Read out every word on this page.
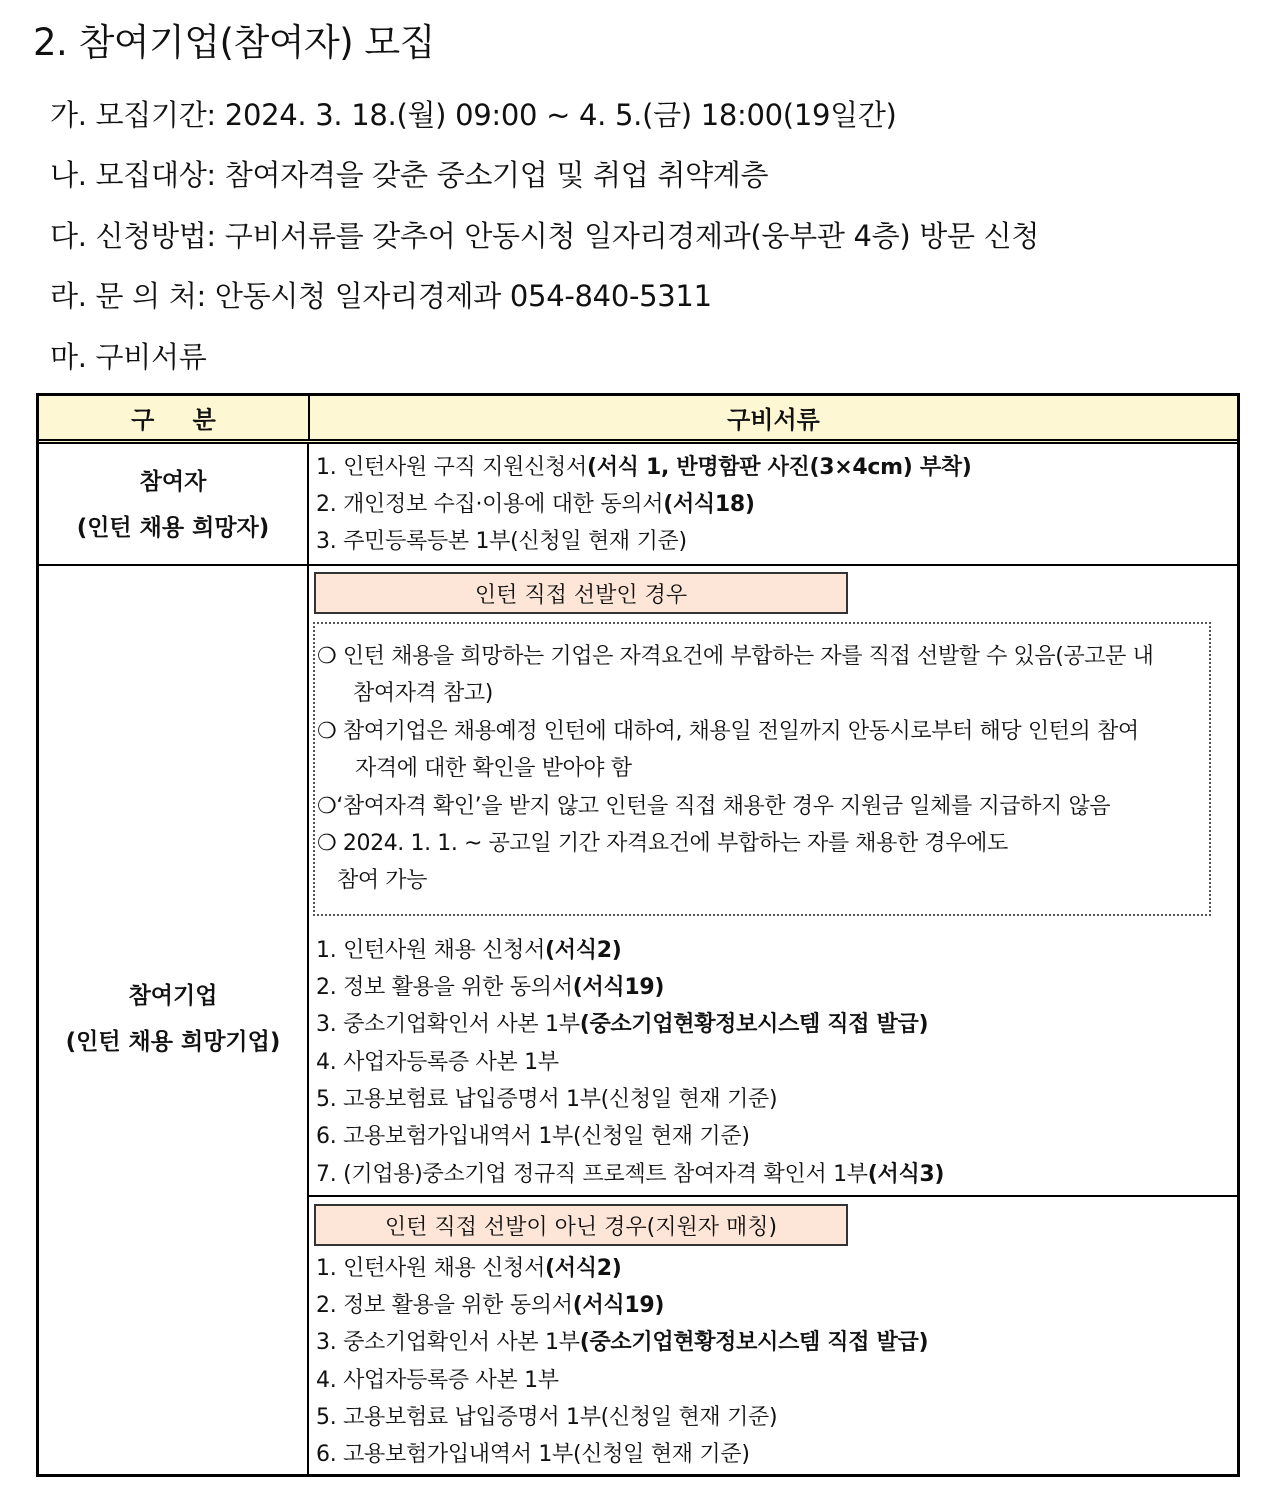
2. 참여기업(참여자) 모집
가. 모집기간: 2024. 3. 18.(월) 09:00 ~ 4. 5.(금) 18:00(19일간)
나. 모집대상: 참여자격을 갖춘 중소기업 및 취업 취약계층
다. 신청방법: 구비서류를 갖추어 안동시청 일자리경제과(웅부관 4층) 방문 신청
라. 문 의 처: 안동시청 일자리경제과 054-840-5311
마. 구비서류
구 분	구비서류
참여자
(인턴 채용 희망자)
1. 인턴사원 구직 지원신청서(서식 1, 반명함판 사진(3×4cm) 부착)
2. 개인정보 수집·이용에 대한 동의서(서식18)
3. 주민등록등본 1부(신청일 현재 기준)
참여기업
(인턴 채용 희망기업)
인턴 직접 선발인 경우
❍ 인턴 채용을 희망하는 기업은 자격요건에 부합하는 자를 직접 선발할 수 있음(공고문 내
참여자격 참고)
❍ 참여기업은 채용예정 인턴에 대하여, 채용일 전일까지 안동시로부터 해당 인턴의 참여
자격에 대한 확인을 받아야 함
❍‘참여자격 확인’을 받지 않고 인턴을 직접 채용한 경우 지원금 일체를 지급하지 않음
❍ 2024. 1. 1. ~ 공고일 기간 자격요건에 부합하는 자를 채용한 경우에도
참여 가능
1. 인턴사원 채용 신청서(서식2)
2. 정보 활용을 위한 동의서(서식19)
3. 중소기업확인서 사본 1부(중소기업현황정보시스템 직접 발급)
4. 사업자등록증 사본 1부
5. 고용보험료 납입증명서 1부(신청일 현재 기준)
6. 고용보험가입내역서 1부(신청일 현재 기준)
7. (기업용)중소기업 정규직 프로젝트 참여자격 확인서 1부(서식3)
인턴 직접 선발이 아닌 경우(지원자 매칭)
1. 인턴사원 채용 신청서(서식2)
2. 정보 활용을 위한 동의서(서식19)
3. 중소기업확인서 사본 1부(중소기업현황정보시스템 직접 발급)
4. 사업자등록증 사본 1부
5. 고용보험료 납입증명서 1부(신청일 현재 기준)
6. 고용보험가입내역서 1부(신청일 현재 기준)
